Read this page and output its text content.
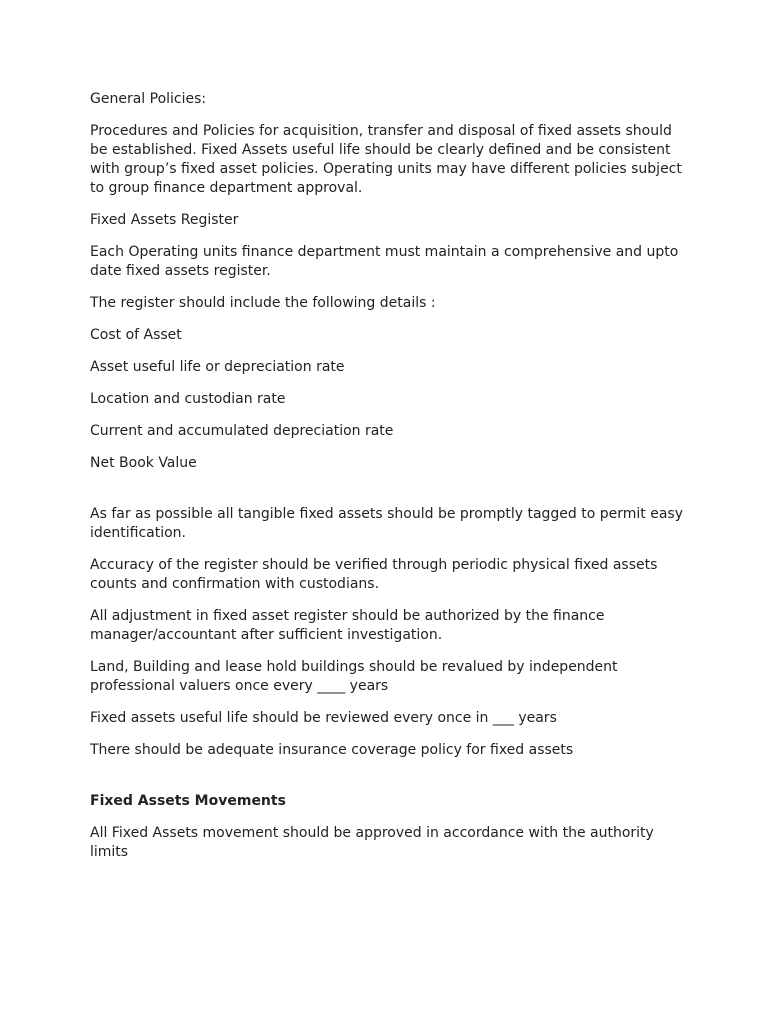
General Policies:

Procedures and Policies for acquisition, transfer and disposal of fixed assets should be established. Fixed Assets useful life should be clearly defined and be consistent with group’s fixed asset policies. Operating units may have different policies subject to group finance department approval.

Fixed Assets Register

Each Operating units finance department must maintain a comprehensive and upto date fixed assets register.

The register should include the following details :

Cost of Asset

Asset useful life or depreciation rate

Location and custodian rate

Current and accumulated depreciation rate

Net Book Value

As far as possible all tangible fixed assets should be promptly tagged to permit easy identification.

Accuracy of the register should be verified through periodic physical fixed assets counts and confirmation with custodians.

All adjustment in fixed asset register should be authorized by the finance manager/accountant after sufficient investigation.

Land, Building and lease hold buildings should be revalued by independent professional valuers once every ____ years

Fixed assets useful life should be reviewed every once in ___ years

There should be adequate insurance coverage policy for fixed assets

Fixed Assets Movements

All Fixed Assets movement should be approved in accordance with the authority limits
